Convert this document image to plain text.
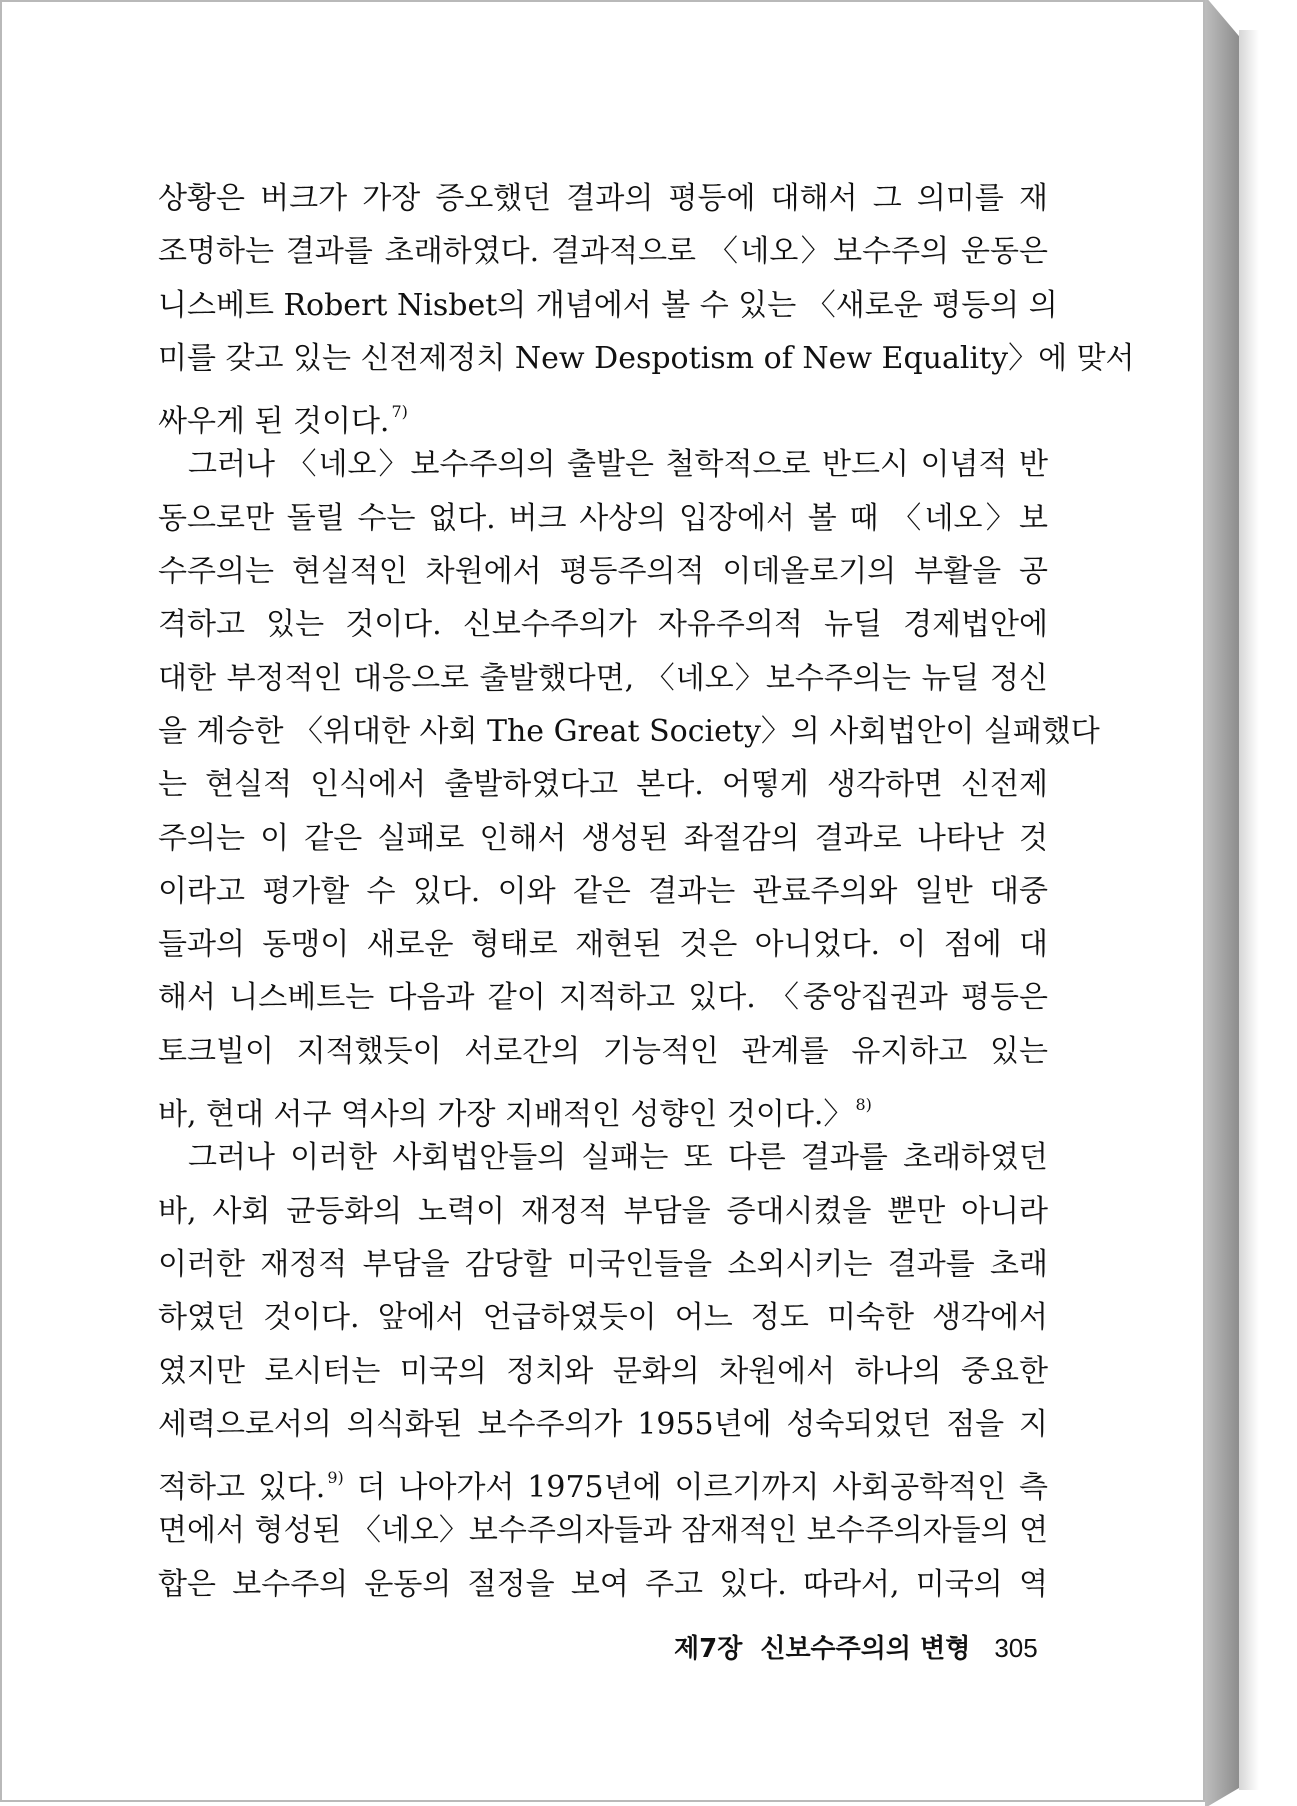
상황은 버크가 가장 증오했던 결과의 평등에 대해서 그 의미를 재
조명하는 결과를 초래하였다. 결과적으로 〈네오〉보수주의 운동은
니스베트 Robert Nisbet의 개념에서 볼 수 있는 〈새로운 평등의 의
미를 갖고 있는 신전제정치 New Despotism of New Equality〉에 맞서
싸우게 된 것이다. $^{7)}$
그러나 〈네오〉보수주의의 출발은 철학적으로 반드시 이념적 반
동으로만 돌릴 수는 없다. 버크 사상의 입장에서 볼 때 〈네오〉보
수주의는 현실적인 차원에서 평등주의적 이데올로기의 부활을 공
격하고 있는 것이다. 신보수주의가 자유주의적 뉴딜 경제법안에
대한 부정적인 대응으로 출발했다면, 〈네오〉보수주의는 뉴딜 정신
을 계승한 〈위대한 사회 The Great Society〉의 사회법안이 실패했다
는 현실적 인식에서 출발하였다고 본다. 어떻게 생각하면 신전제
주의는 이 같은 실패로 인해서 생성된 좌절감의 결과로 나타난 것
이라고 평가할 수 있다. 이와 같은 결과는 관료주의와 일반 대중
들과의 동맹이 새로운 형태로 재현된 것은 아니었다. 이 점에 대
해서 니스베트는 다음과 같이 지적하고 있다. 〈중앙집권과 평등은
토크빌이 지적했듯이 서로간의 기능적인 관계를 유지하고 있는
바, 현대 서구 역사의 가장 지배적인 성향인 것이다.〉 $^{8)}$
그러나 이러한 사회법안들의 실패는 또 다른 결과를 초래하였던
바, 사회 균등화의 노력이 재정적 부담을 증대시켰을 뿐만 아니라
이러한 재정적 부담을 감당할 미국인들을 소외시키는 결과를 초래
하였던 것이다. 앞에서 언급하였듯이 어느 정도 미숙한 생각에서
였지만 로시터는 미국의 정치와 문화의 차원에서 하나의 중요한
세력으로서의 의식화된 보수주의가 1955년에 성숙되었던 점을 지
적하고 있다. $^{9)}$ 더 나아가서 1975년에 이르기까지 사회공학적인 측
면에서 형성된 〈네오〉보수주의자들과 잠재적인 보수주의자들의 연
합은 보수주의 운동의 절정을 보여 주고 있다. 따라서, 미국의 역
제7장 신보수주의의 변형 305
